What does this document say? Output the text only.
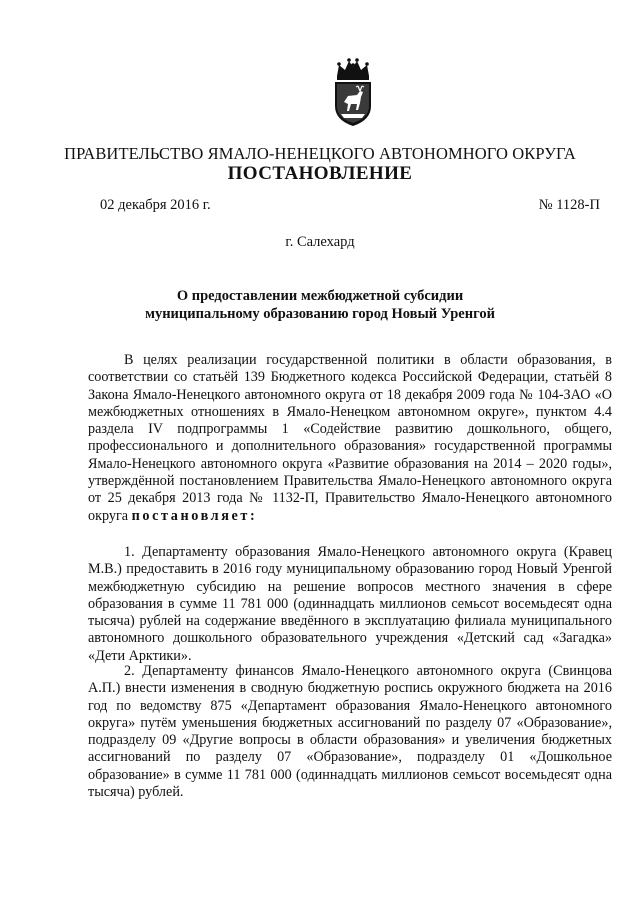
ПРАВИТЕЛЬСТВО ЯМАЛО-НЕНЕЦКОГО АВТОНОМНОГО ОКРУГА
ПОСТАНОВЛЕНИЕ
02 декабря 2016 г.	№ 1128-П
г. Салехард
О предоставлении межбюджетной субсидии
муниципальному образованию город Новый Уренгой
В целях реализации государственной политики в области образования, в соответствии со статьёй 139 Бюджетного кодекса Российской Федерации, статьёй 8 Закона Ямало-Ненецкого автономного округа от 18 декабря 2009 года № 104-ЗАО «О межбюджетных отношениях в Ямало-Ненецком автономном округе», пунктом 4.4 раздела IV подпрограммы 1 «Содействие развитию дошкольного, общего, профессионального и дополнительного образования» государственной программы Ямало-Ненецкого автономного округа «Развитие образования на 2014 – 2020 годы», утверждённой постановлением Правительства Ямало-Ненецкого автономного округа от 25 декабря 2013 года № 1132-П, Правительство Ямало-Ненецкого автономного округа постановляет:
1. Департаменту образования Ямало-Ненецкого автономного округа (Кравец М.В.) предоставить в 2016 году муниципальному образованию город Новый Уренгой межбюджетную субсидию на решение вопросов местного значения в сфере образования в сумме 11 781 000 (одиннадцать миллионов семьсот восемьдесят одна тысяча) рублей на содержание введённого в эксплуатацию филиала муниципального автономного дошкольного образовательного учреждения «Детский сад «Загадка» «Дети Арктики».
2. Департаменту финансов Ямало-Ненецкого автономного округа (Свинцова А.П.) внести изменения в сводную бюджетную роспись окружного бюджета на 2016 год по ведомству 875 «Департамент образования Ямало-Ненецкого автономного округа» путём уменьшения бюджетных ассигнований по разделу 07 «Образование», подразделу 09 «Другие вопросы в области образования» и увеличения бюджетных ассигнований по разделу 07 «Образование», подразделу 01 «Дошкольное образование» в сумме 11 781 000 (одиннадцать миллионов семьсот восемьдесят одна тысяча) рублей.
